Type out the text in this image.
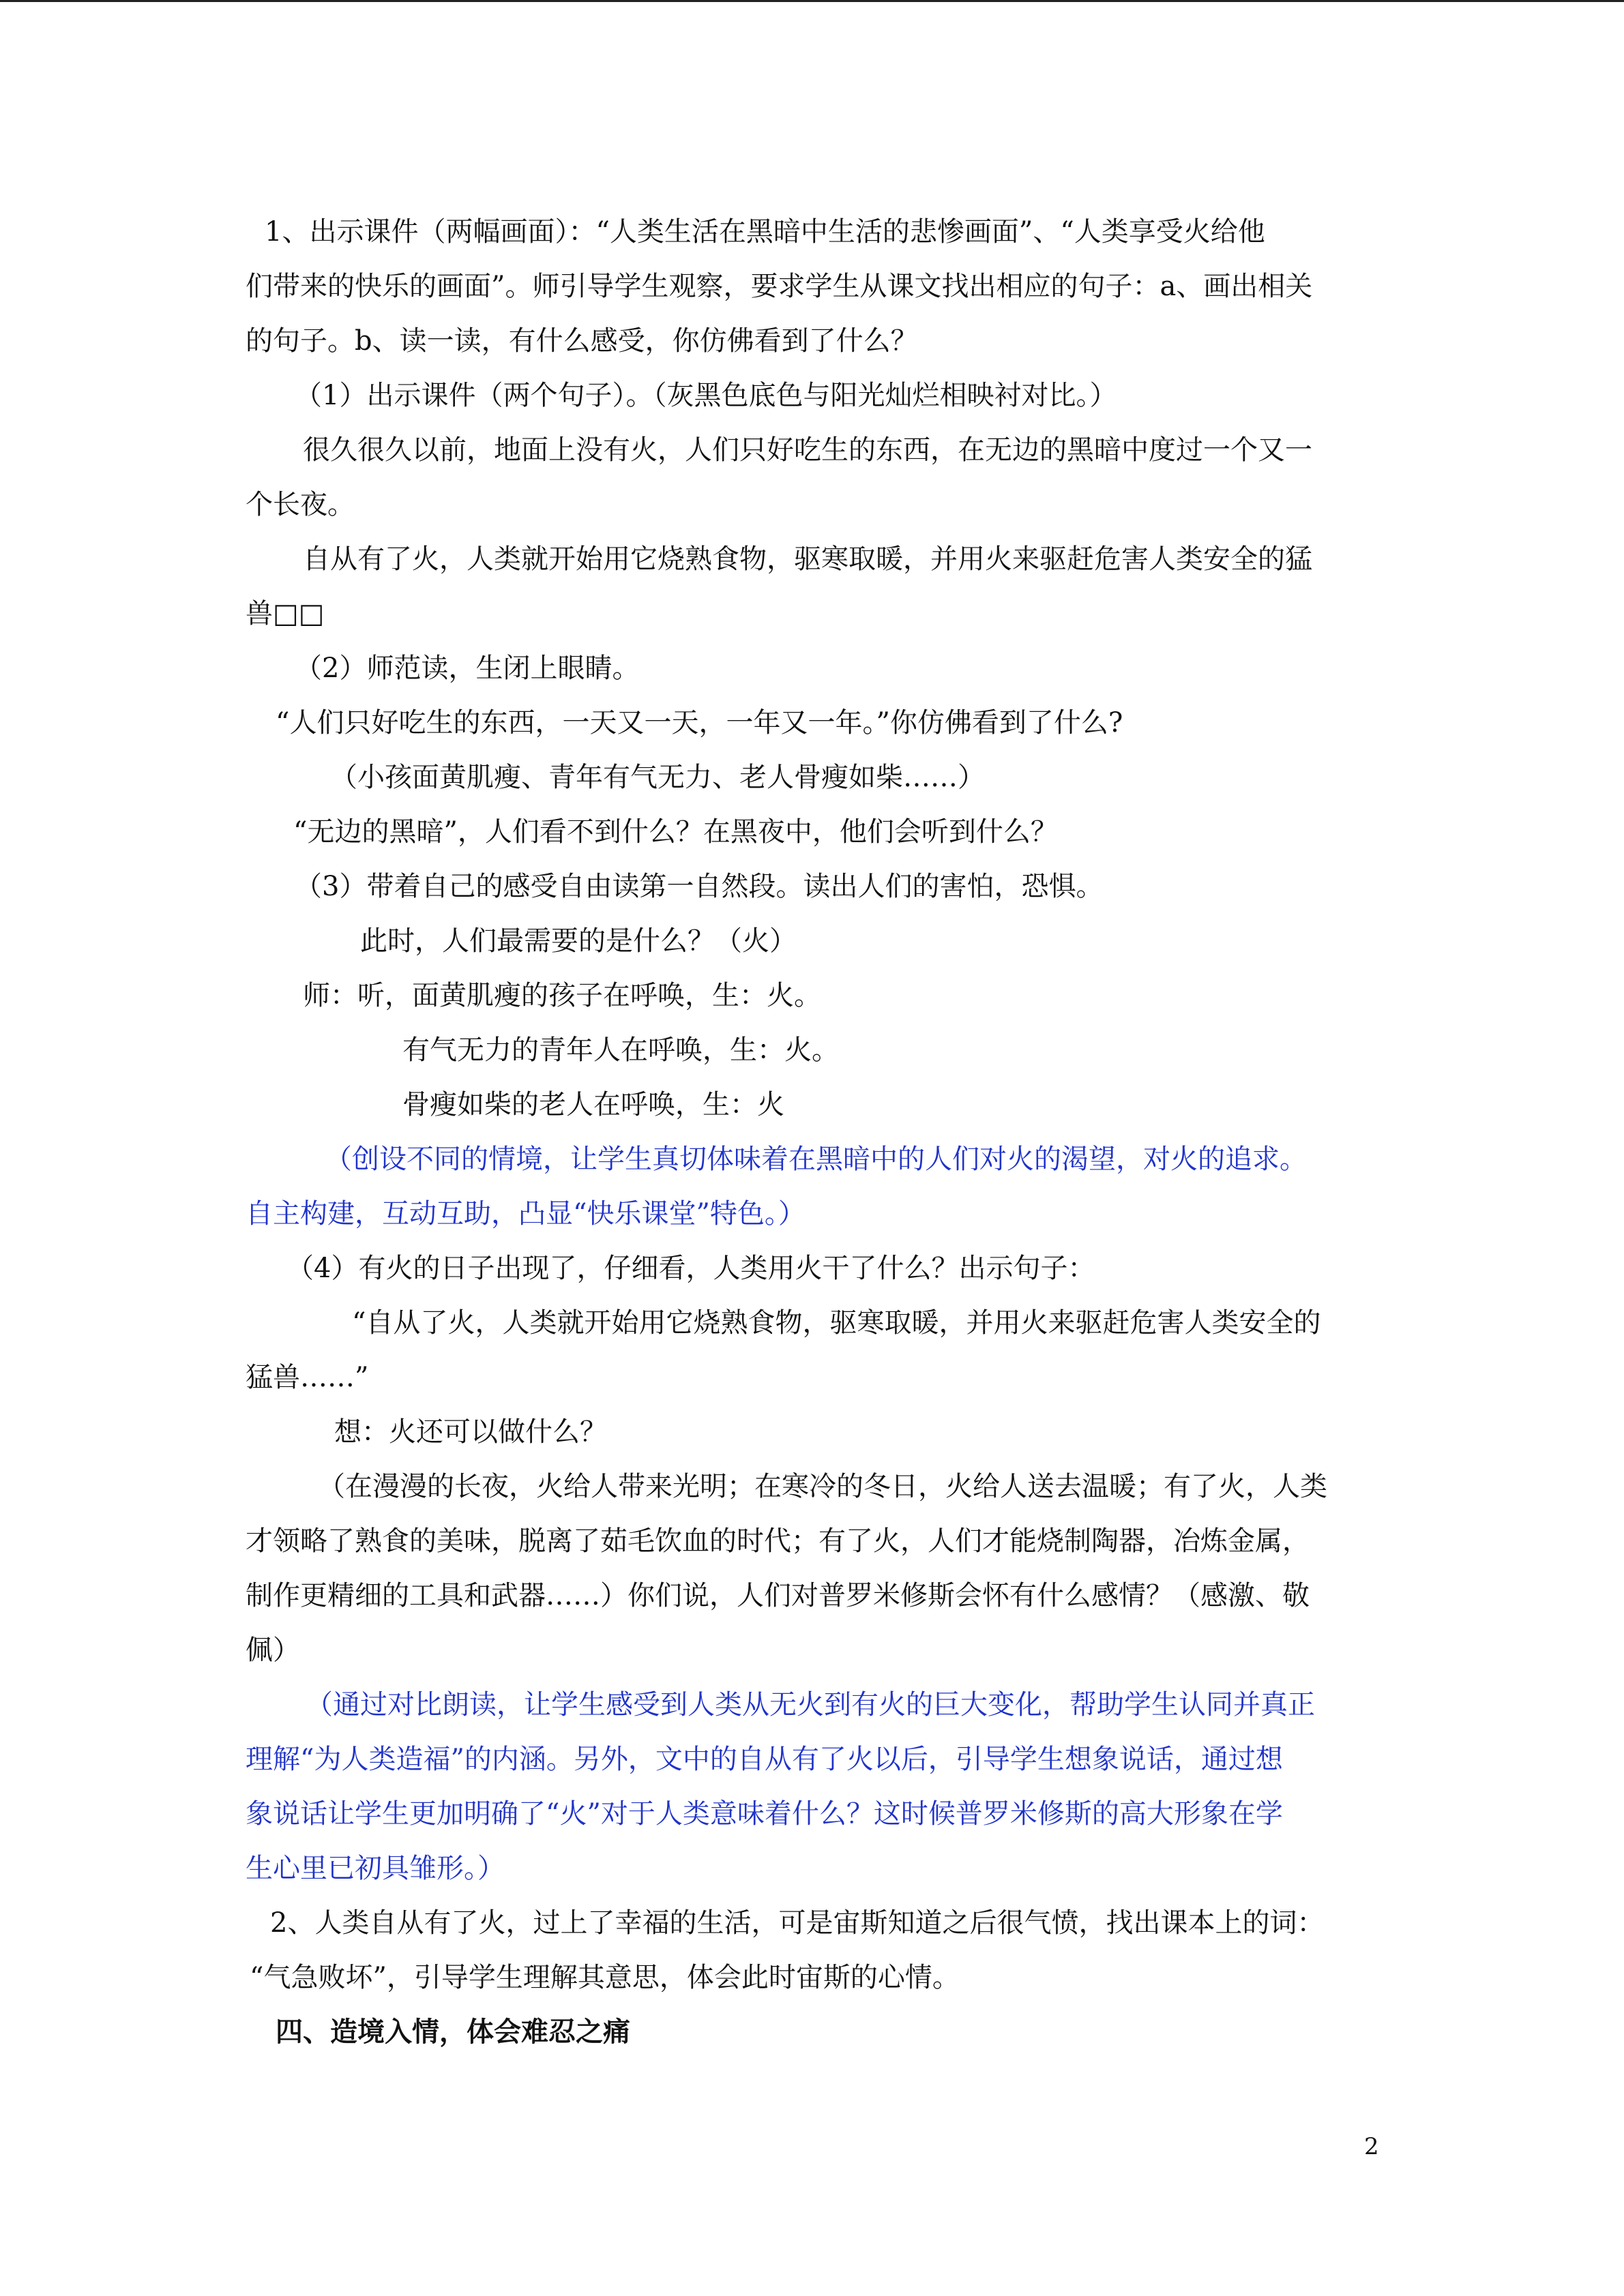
1、出示课件（两幅画面）：“人类生活在黑暗中生活的悲惨画面”、“人类享受火给他
们带来的快乐的画面”。师引导学生观察，要求学生从课文找出相应的句子：a、画出相关
的句子。b、读一读，有什么感受，你仿佛看到了什么？
（1）出示课件（两个句子）。（灰黑色底色与阳光灿烂相映衬对比。）
很久很久以前，地面上没有火，人们只好吃生的东西，在无边的黑暗中度过一个又一
个长夜。
自从有了火，人类就开始用它烧熟食物，驱寒取暖，并用火来驱赶危害人类安全的猛
兽□□
（2）师范读，生闭上眼睛。
“人们只好吃生的东西，一天又一天，一年又一年。”你仿佛看到了什么?
（小孩面黄肌瘦、青年有气无力、老人骨瘦如柴……）
“无边的黑暗”，人们看不到什么？在黑夜中，他们会听到什么？
（3）带着自己的感受自由读第一自然段。读出人们的害怕，恐惧。
此时，人们最需要的是什么？（火）
师：听，面黄肌瘦的孩子在呼唤，生：火。
有气无力的青年人在呼唤，生：火。
骨瘦如柴的老人在呼唤，生：火
（创设不同的情境，让学生真切体味着在黑暗中的人们对火的渴望，对火的追求。
自主构建，互动互助，凸显“快乐课堂”特色。）
（4）有火的日子出现了，仔细看，人类用火干了什么？出示句子：
“自从了火，人类就开始用它烧熟食物，驱寒取暖，并用火来驱赶危害人类安全的
猛兽……”
想：火还可以做什么？
（在漫漫的长夜，火给人带来光明；在寒冷的冬日，火给人送去温暖；有了火，人类
才领略了熟食的美味，脱离了茹毛饮血的时代；有了火，人们才能烧制陶器，冶炼金属，
制作更精细的工具和武器……）你们说，人们对普罗米修斯会怀有什么感情？（感激、敬
佩）
（通过对比朗读，让学生感受到人类从无火到有火的巨大变化，帮助学生认同并真正
理解“为人类造福”的内涵。另外，文中的自从有了火以后，引导学生想象说话，通过想
象说话让学生更加明确了“火”对于人类意味着什么？这时候普罗米修斯的高大形象在学
生心里已初具雏形。）
2、人类自从有了火，过上了幸福的生活，可是宙斯知道之后很气愤，找出课本上的词：
“气急败坏”，引导学生理解其意思，体会此时宙斯的心情。
四、造境入情，体会难忍之痛
2
